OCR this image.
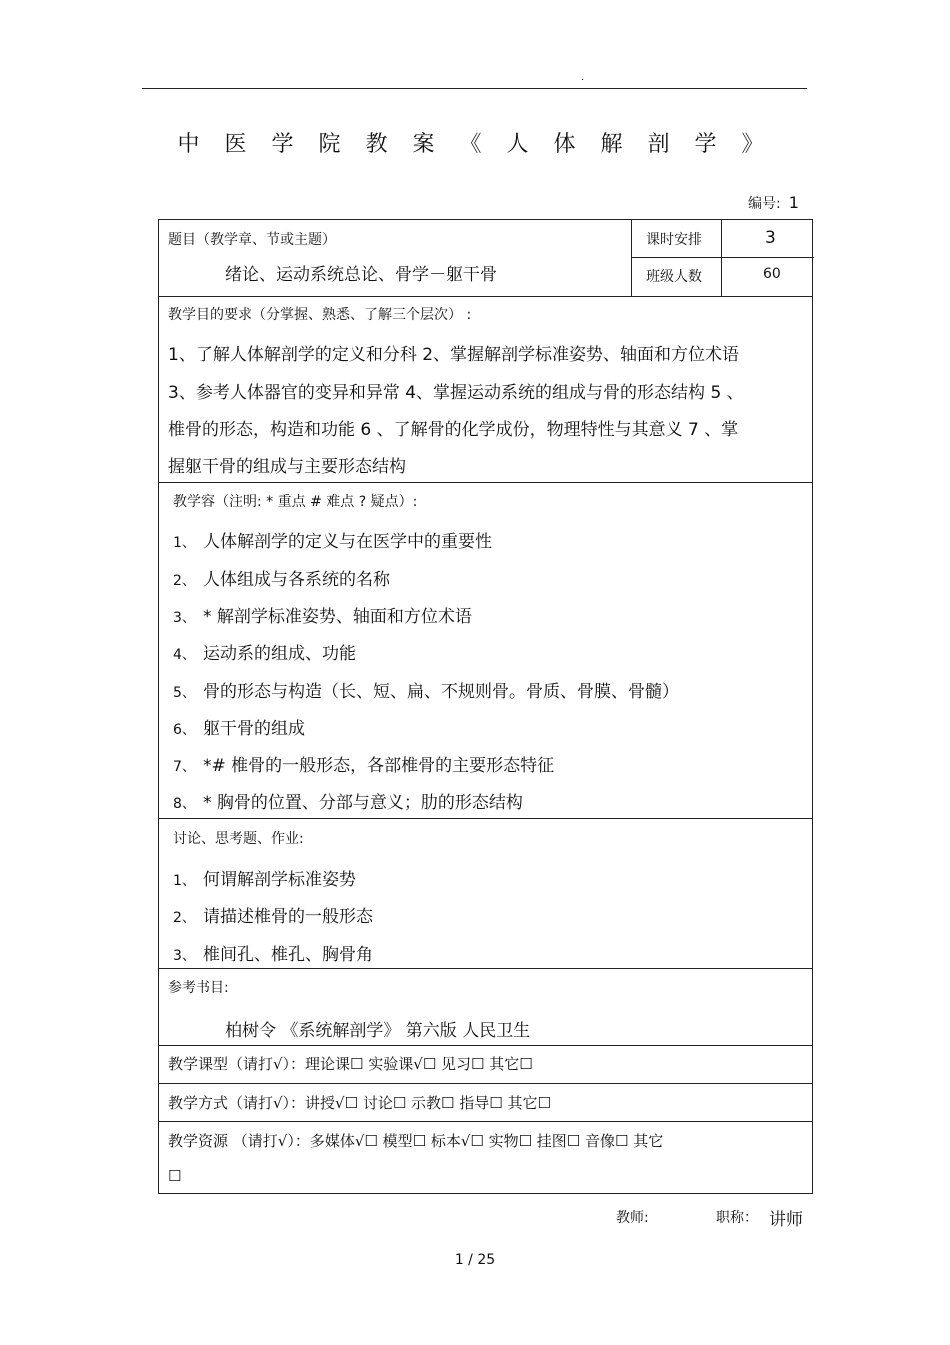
.
中 医 学 院 教 案 《 人 体 解 剖 学 》
编号: 1
题目（教学章、节或主题）
绪论、运动系统总论、骨学－躯干骨
课时安排	3
班级人数	60
教学目的要求（分掌握、熟悉、了解三个层次） :
1、了解人体解剖学的定义和分科 2、掌握解剖学标准姿势、轴面和方位术语
3、参考人体器官的变异和异常 4、掌握运动系统的组成与骨的形态结构 5 、
椎骨的形态，构造和功能 6 、了解骨的化学成份，物理特性与其意义 7 、掌
握躯干骨的组成与主要形态结构
教学容（注明: * 重点 # 难点 ? 疑点）:
1、 人体解剖学的定义与在医学中的重要性
2、 人体组成与各系统的名称
3、 * 解剖学标准姿势、轴面和方位术语
4、 运动系的组成、功能
5、 骨的形态与构造（长、短、扁、不规则骨。骨质、骨膜、骨髓）
6、 躯干骨的组成
7、 *# 椎骨的一般形态，各部椎骨的主要形态特征
8、 * 胸骨的位置、分部与意义；肋的形态结构
讨论、思考题、作业:
1、 何谓解剖学标准姿势
2、 请描述椎骨的一般形态
3、 椎间孔、椎孔、胸骨角
参考书目:
柏树令 《系统解剖学》 第六版 人民卫生
教学课型（请打√）：理论课☐ 实验课√☐ 见习☐ 其它☐
教学方式（请打√）：讲授√☐ 讨论☐ 示教☐ 指导☐ 其它☐
教学资源 （请打√）：多媒体√☐ 模型☐ 标本√☐ 实物☐ 挂图☐ 音像☐ 其它
☐
教师:	职称： 讲师
1 / 25
